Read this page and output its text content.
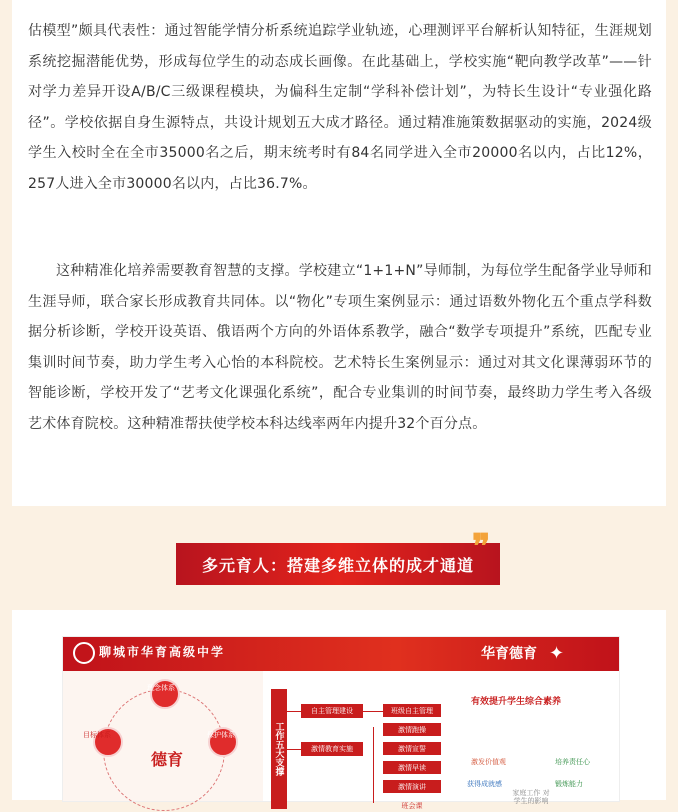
估模型”颇具代表性：通过智能学情分析系统追踪学业轨迹，心理测评平台解析认知特征，生涯规划系统挖掘潜能优势，形成每位学生的动态成长画像。在此基础上，学校实施“靶向教学改革”——针对学力差异开设A/B/C三级课程模块，为偏科生定制“学科补偿计划”，为特长生设计“专业强化路径”。学校依据自身生源特点，共设计规划五大成才路径。通过精准施策数据驱动的实施，2024级学生入校时全在全市35000名之后，期末统考时有84名同学进入全市20000名以内，占比12%，257人进入全市30000名以内，占比36.7%。

这种精准化培养需要教育智慧的支撑。学校建立“1+1+N”导师制，为每位学生配备学业导师和生涯导师，联合家长形成教育共同体。以“物化”专项生案例显示：通过语数外物化五个重点学科数据分析诊断，学校开设英语、俄语两个方向的外语体系教学，融合“数学专项提升”系统，匹配专业集训时间节奏，助力学生考入心怡的本科院校。艺术特长生案例显示：通过对其文化课薄弱环节的智能诊断，学校开发了“艺考文化课强化系统”，配合专业集训的时间节奏，最终助力学生考入各级艺术体育院校。这种精准帮扶使学校本科达线率两年内提升32个百分点。

多元育人：搭建多维立体的成才通道
❞
聊城市华育高级中学	华育德育 ✦
理念体系
目标体系	保护体系
德育	工作五大支撑
自主管理建设
激情教育实施
班级自主管理
激情跑操
激情宣誓
激情早读
激情演讲
班会课
有效提升学生综合素养
激发价值观	培养责任心
获得成就感	锻炼能力
家庭工作 对学生的影响
